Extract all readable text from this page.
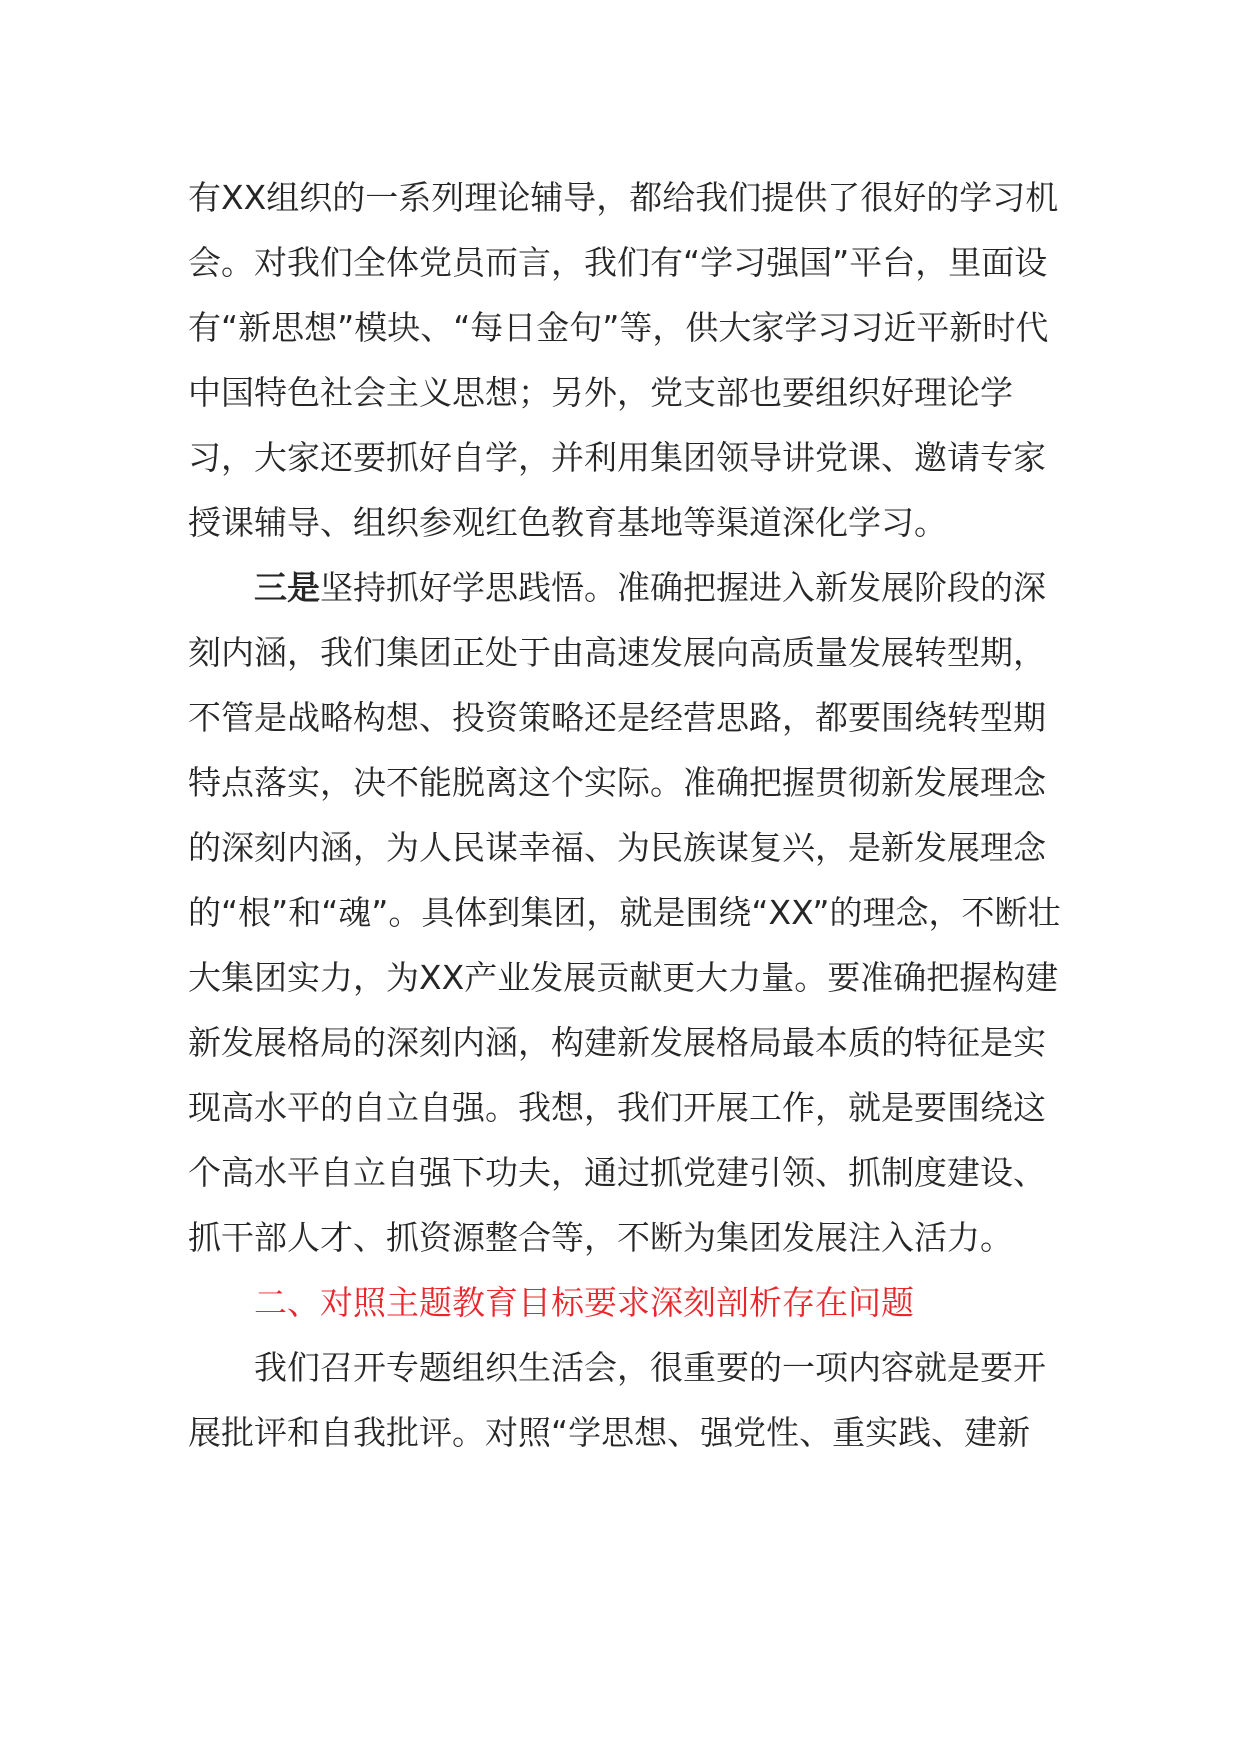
有XX组织的一系列理论辅导，都给我们提供了很好的学习机会。对我们全体党员而言，我们有“学习强国”平台，里面设有“新思想”模块、“每日金句”等，供大家学习习近平新时代中国特色社会主义思想；另外，党支部也要组织好理论学习，大家还要抓好自学，并利用集团领导讲党课、邀请专家授课辅导、组织参观红色教育基地等渠道深化学习。

三是坚持抓好学思践悟。准确把握进入新发展阶段的深刻内涵，我们集团正处于由高速发展向高质量发展转型期，不管是战略构想、投资策略还是经营思路，都要围绕转型期特点落实，决不能脱离这个实际。准确把握贯彻新发展理念的深刻内涵，为人民谋幸福、为民族谋复兴，是新发展理念的“根”和“魂”。具体到集团，就是围绕“XX”的理念，不断壮大集团实力，为XX产业发展贡献更大力量。要准确把握构建新发展格局的深刻内涵，构建新发展格局最本质的特征是实现高水平的自立自强。我想，我们开展工作，就是要围绕这个高水平自立自强下功夫，通过抓党建引领、抓制度建设、抓干部人才、抓资源整合等，不断为集团发展注入活力。

二、对照主题教育目标要求深刻剖析存在问题

我们召开专题组织生活会，很重要的一项内容就是要开展批评和自我批评。对照“学思想、强党性、重实践、建新
